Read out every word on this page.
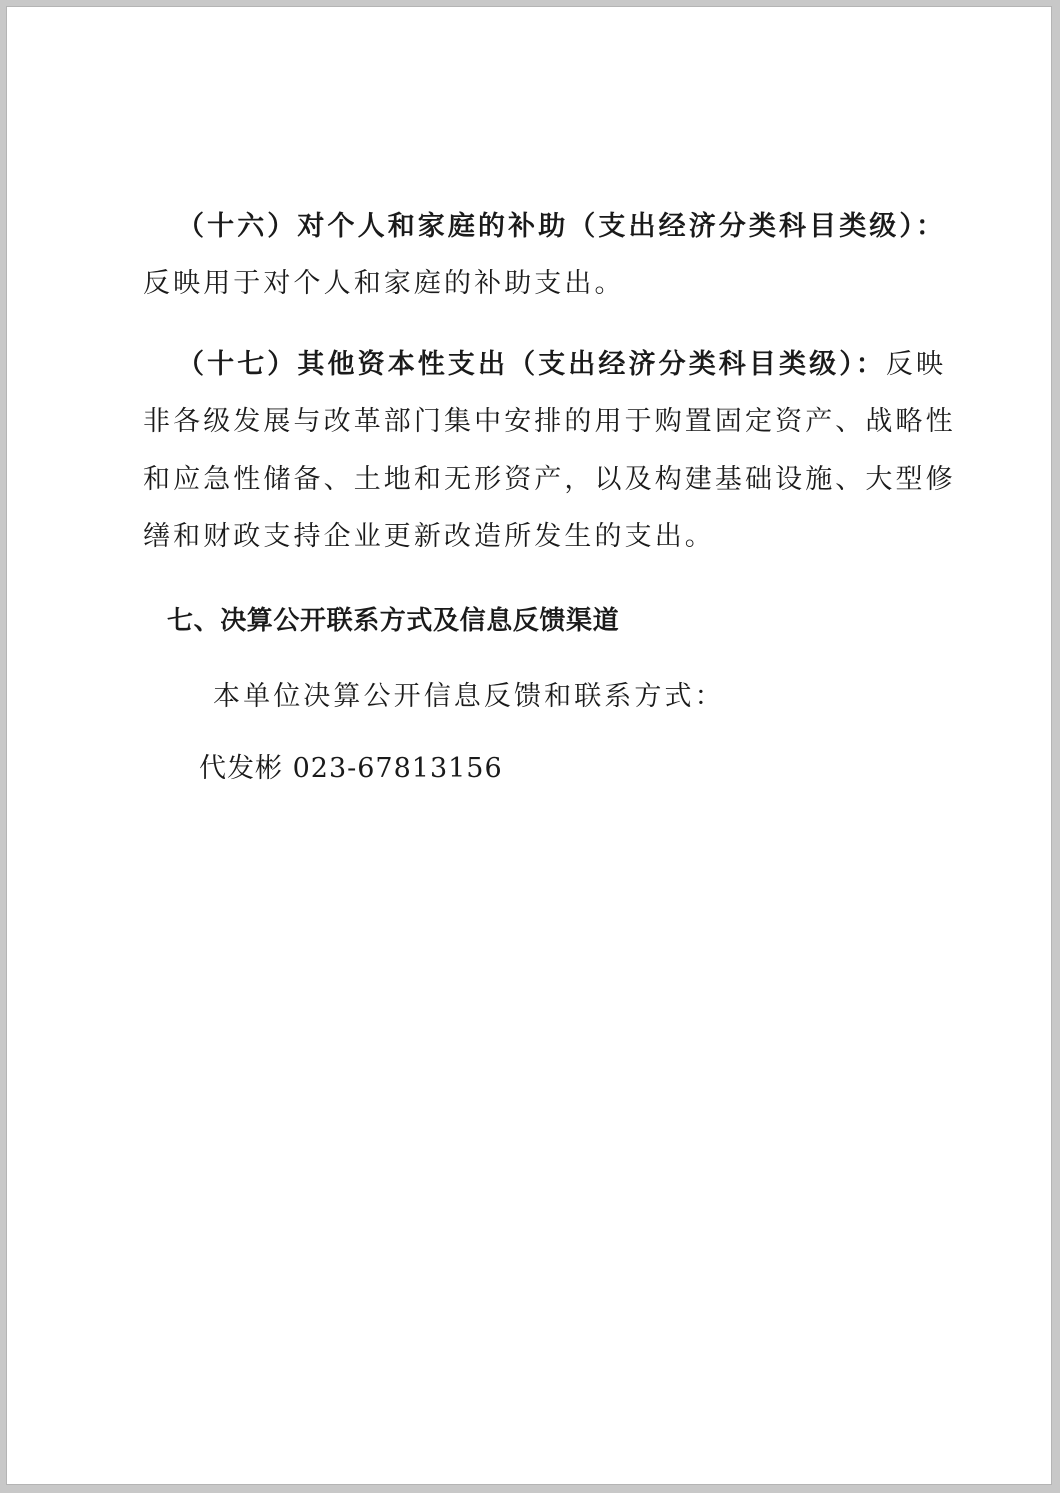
（十六）对个人和家庭的补助（支出经济分类科目类级）：

反映用于对个人和家庭的补助支出。

（十七）其他资本性支出（支出经济分类科目类级）：反映

非各级发展与改革部门集中安排的用于购置固定资产、战略性

和应急性储备、土地和无形资产，以及构建基础设施、大型修

缮和财政支持企业更新改造所发生的支出。

七、决算公开联系方式及信息反馈渠道

本单位决算公开信息反馈和联系方式：

代发彬 023-67813156
